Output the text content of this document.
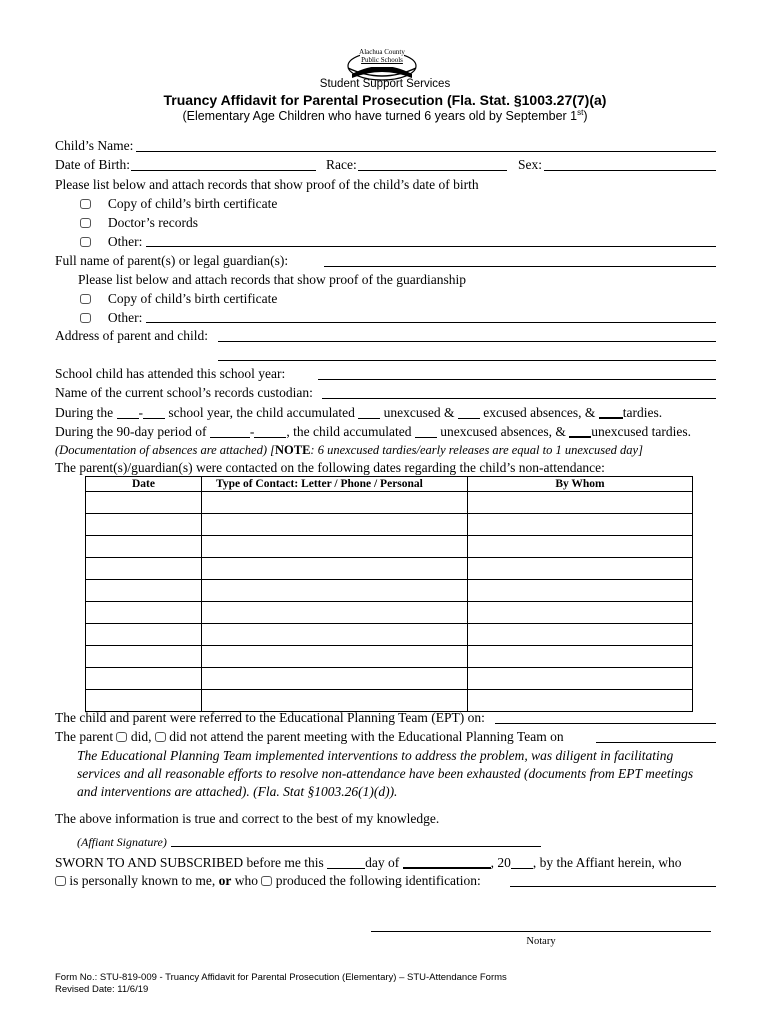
Alachua County
Public Schools
Student Support Services
Truancy Affidavit for Parental Prosecution (Fla. Stat. §1003.27(7)(a)
(Elementary Age Children who have turned 6 years old by September 1st)
Child’s Name:
Date of Birth:	Race:	Sex:
Please list below and attach records that show proof of the child’s date of birth
Copy of child’s birth certificate
Doctor’s records
Other:
Full name of parent(s) or legal guardian(s):
Please list below and attach records that show proof of the guardianship
Copy of child’s birth certificate
Other:
Address of parent and child:
School child has attended this school year:
Name of the current school’s records custodian:
During the - school year, the child accumulated  unexcused &  excused absences, & tardies.
During the 90-day period of	- , the child accumulated  unexcused absences, & unexcused tardies.
(Documentation of absences are attached) [NOTE: 6 unexcused tardies/early releases are equal to 1 unexcused day]
The parent(s)/guardian(s) were contacted on the following dates regarding the child’s non-attendance:
Date	Type of Contact: Letter / Phone / Personal	By Whom

The child and parent were referred to the Educational Planning Team (EPT) on:
The parent  did,  did not attend the parent meeting with the Educational Planning Team on
The Educational Planning Team implemented interventions to address the problem, was diligent in facilitating
services and all reasonable efforts to resolve non-attendance have been exhausted (documents from EPT meetings
and interventions are attached). (Fla. Stat §1003.26(1)(d)).
The above information is true and correct to the best of my knowledge.
(Affiant Signature)
SWORN TO AND SUBSCRIBED before me this	day of	, 20 , by the Affiant herein, who
is personally known to me, or who  produced the following identification:
Notary
Form No.: STU-819-009 - Truancy Affidavit for Parental Prosecution (Elementary) – STU-Attendance Forms
Revised Date: 11/6/19
